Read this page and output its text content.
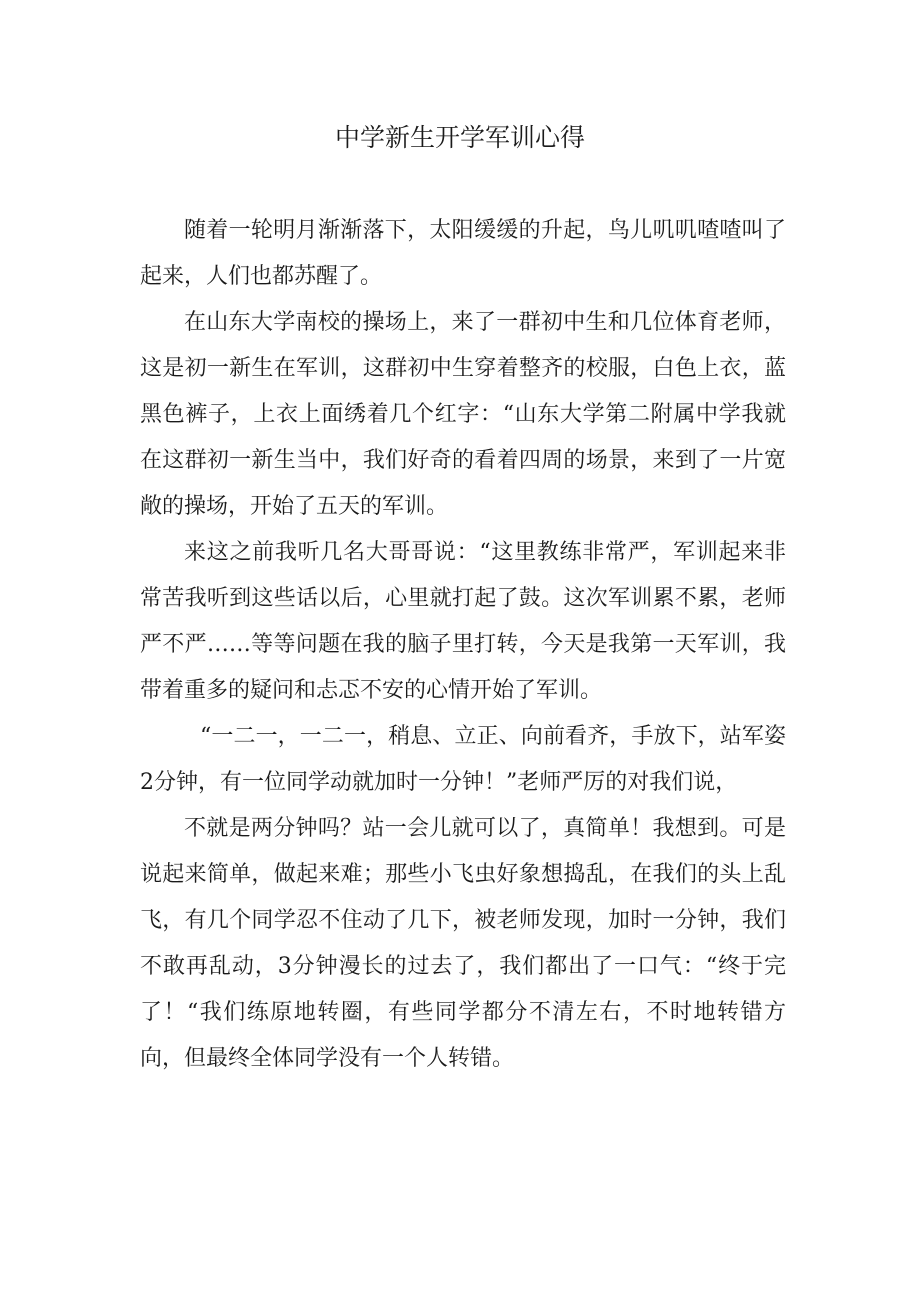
中学新生开学军训心得

随着一轮明月渐渐落下，太阳缓缓的升起，鸟儿叽叽喳喳叫了起来，人们也都苏醒了。

在山东大学南校的操场上，来了一群初中生和几位体育老师，这是初一新生在军训，这群初中生穿着整齐的校服，白色上衣，蓝黑色裤子，上衣上面绣着几个红字：“山东大学第二附属中学我就在这群初一新生当中，我们好奇的看着四周的场景，来到了一片宽敞的操场，开始了五天的军训。

来这之前我听几名大哥哥说：“这里教练非常严，军训起来非常苦我听到这些话以后，心里就打起了鼓。这次军训累不累，老师严不严……等等问题在我的脑子里打转，今天是我第一天军训，我带着重多的疑问和忐忑不安的心情开始了军训。

“一二一，一二一，稍息、立正、向前看齐，手放下，站军姿2分钟，有一位同学动就加时一分钟！”老师严厉的对我们说，

不就是两分钟吗？站一会儿就可以了，真简单！我想到。可是说起来简单，做起来难；那些小飞虫好象想捣乱，在我们的头上乱飞，有几个同学忍不住动了几下，被老师发现，加时一分钟，我们不敢再乱动，3分钟漫长的过去了，我们都出了一口气：“终于完了！“我们练原地转圈，有些同学都分不清左右，不时地转错方向，但最终全体同学没有一个人转错。
